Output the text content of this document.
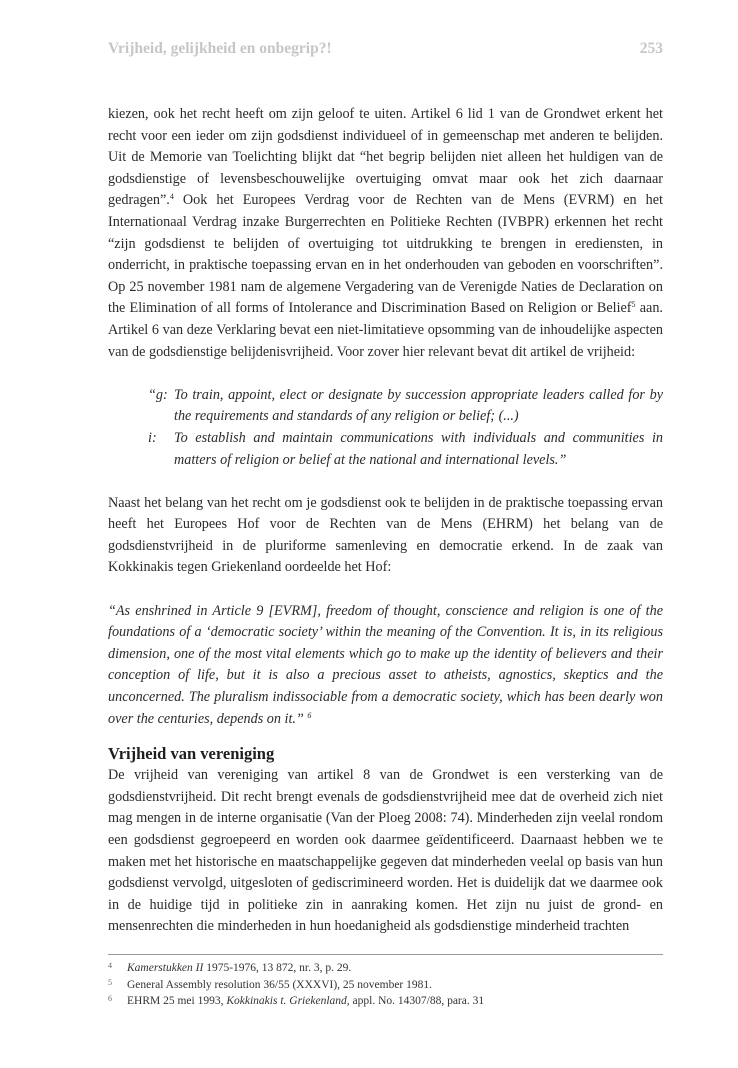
Vrijheid, gelijkheid en onbegrip?!	253

kiezen, ook het recht heeft om zijn geloof te uiten. Artikel 6 lid 1 van de Grondwet erkent het recht voor een ieder om zijn godsdienst individueel of in gemeenschap met anderen te belijden. Uit de Memorie van Toelichting blijkt dat “het begrip belijden niet alleen het huldigen van de godsdienstige of levensbeschouwelijke overtuiging omvat maar ook het zich daarnaar gedragen”.$^4$ Ook het Europees Verdrag voor de Rechten van de Mens (EVRM) en het Internationaal Verdrag inzake Burgerrechten en Politieke Rechten (IVBPR) erkennen het recht “zijn godsdienst te belijden of overtuiging tot uitdrukking te brengen in erediensten, in onderricht, in praktische toepassing ervan en in het onderhouden van geboden en voorschriften”. Op 25 november 1981 nam de algemene Vergadering van de Verenigde Naties de Declaration on the Elimination of all forms of Intolerance and Discrimination Based on Religion or Belief$^5$ aan. Artikel 6 van deze Verklaring bevat een niet-limitatieve opsomming van de inhoudelijke aspecten van de godsdienstige belijdenisvrijheid. Voor zover hier relevant bevat dit artikel de vrijheid:

“g: To train, appoint, elect or designate by succession appropriate leaders called for by the requirements and standards of any religion or belief; (...)
i: To establish and maintain communications with individuals and communities in matters of religion or belief at the national and international levels.”

Naast het belang van het recht om je godsdienst ook te belijden in de praktische toepassing ervan heeft het Europees Hof voor de Rechten van de Mens (EHRM) het belang van de godsdienstvrijheid in de pluriforme samenleving en democratie erkend. In de zaak van Kokkinakis tegen Griekenland oordeelde het Hof:

“As enshrined in Article 9 [EVRM], freedom of thought, conscience and religion is one of the foundations of a ‘democratic society’ within the meaning of the Convention. It is, in its religious dimension, one of the most vital elements which go to make up the identity of believers and their conception of life, but it is also a precious asset to atheists, agnostics, skeptics and the unconcerned. The pluralism indissociable from a democratic society, which has been dearly won over the centuries, depends on it.” $^6$

Vrijheid van vereniging

De vrijheid van vereniging van artikel 8 van de Grondwet is een versterking van de godsdienstvrijheid. Dit recht brengt evenals de godsdienstvrijheid mee dat de overheid zich niet mag mengen in de interne organisatie (Van der Ploeg 2008: 74). Minderheden zijn veelal rondom een godsdienst gegroepeerd en worden ook daarmee geïdentificeerd. Daarnaast hebben we te maken met het historische en maatschappelijke gegeven dat minderheden veelal op basis van hun godsdienst vervolgd, uitgesloten of gediscrimineerd worden. Het is duidelijk dat we daarmee ook in de huidige tijd in politieke zin in aanraking komen. Het zijn nu juist de grond- en mensenrechten die minderheden in hun hoedanigheid als godsdienstige minderheid trachten

4 Kamerstukken II 1975-1976, 13 872, nr. 3, p. 29.
5 General Assembly resolution 36/55 (XXXVI), 25 november 1981.
6 EHRM 25 mei 1993, Kokkinakis t. Griekenland, appl. No. 14307/88, para. 31
